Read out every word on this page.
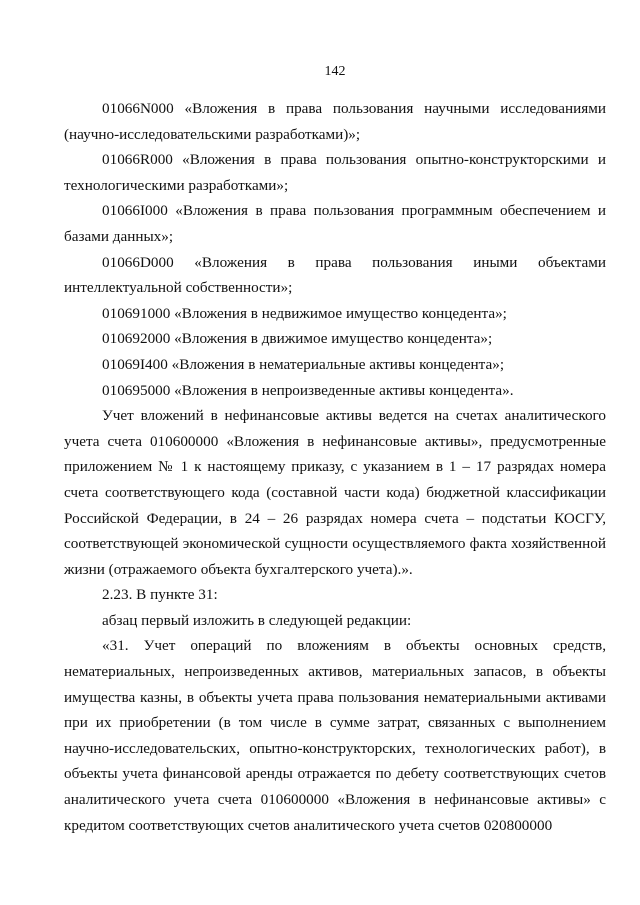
142

01066N000 «Вложения в права пользования научными исследованиями (научно-исследовательскими разработками)»;

01066R000 «Вложения в права пользования опытно-конструкторскими и технологическими разработками»;

01066I000 «Вложения в права пользования программным обеспечением и базами данных»;

01066D000 «Вложения в права пользования иными объектами интеллектуальной собственности»;

010691000 «Вложения в недвижимое имущество концедента»;

010692000 «Вложения в движимое имущество концедента»;

01069I400 «Вложения в нематериальные активы концедента»;

010695000 «Вложения в непроизведенные активы концедента».

Учет вложений в нефинансовые активы ведется на счетах аналитического учета счета 010600000 «Вложения в нефинансовые активы», предусмотренные приложением № 1 к настоящему приказу, с указанием в 1 – 17 разрядах номера счета соответствующего кода (составной части кода) бюджетной классификации Российской Федерации, в 24 – 26 разрядах номера счета – подстатьи КОСГУ, соответствующей экономической сущности осуществляемого факта хозяйственной жизни (отражаемого объекта бухгалтерского учета).».

2.23. В пункте 31:

абзац первый изложить в следующей редакции:

«31. Учет операций по вложениям в объекты основных средств, нематериальных, непроизведенных активов, материальных запасов, в объекты имущества казны, в объекты учета права пользования нематериальными активами при их приобретении (в том числе в сумме затрат, связанных с выполнением научно-исследовательских, опытно-конструкторских, технологических работ), в объекты учета финансовой аренды отражается по дебету соответствующих счетов аналитического учета счета 010600000 «Вложения в нефинансовые активы» с кредитом соответствующих счетов аналитического учета счетов 020800000
